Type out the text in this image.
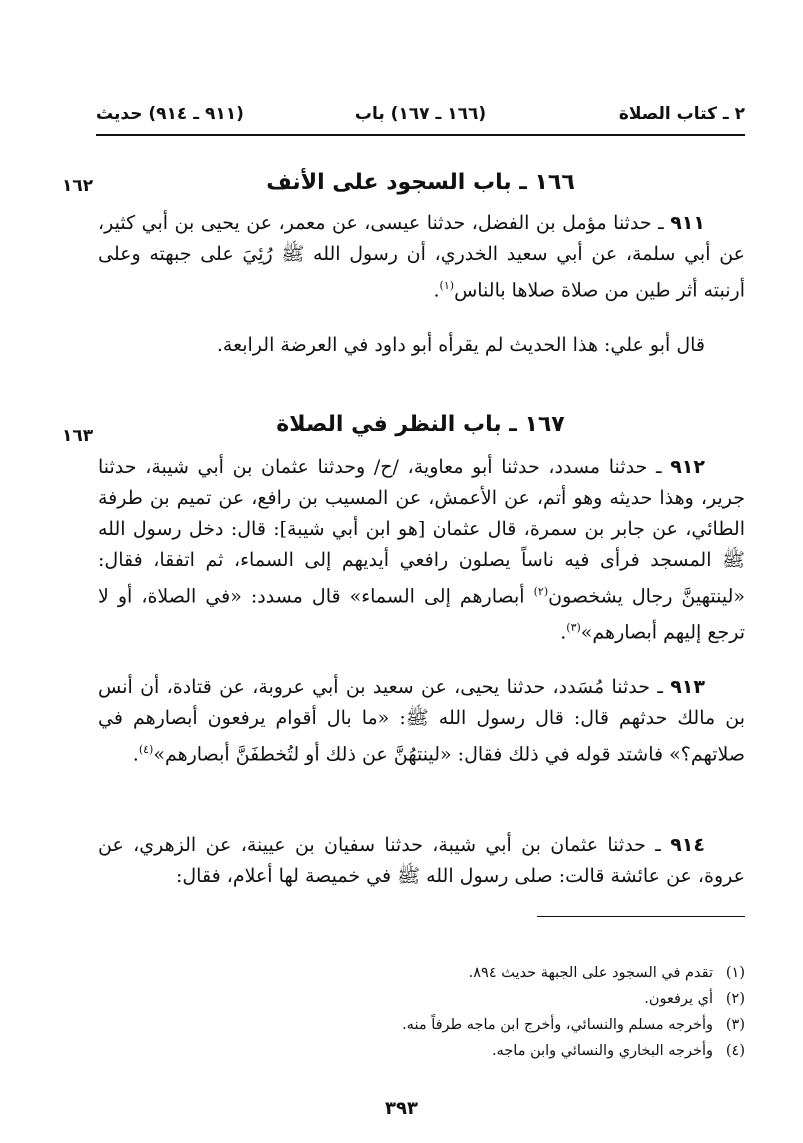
٢ ـ كتاب الصلاة
(١٦٦ ـ ١٦٧) باب
(٩١١ ـ ٩١٤) حديث
١٦٢	١٦٦ ـ باب السجود على الأنف

٩١١ ـ حدثنا مؤمل بن الفضل، حدثنا عيسى، عن معمر، عن يحيى بن أبي كثير، عن أبي سلمة، عن أبي سعيد الخدري، أن رسول الله ﷺ رُئِيَ على جبهته وعلى أرنبته أثر طين من صلاة صلاها بالناس$^{(١)}$.

قال أبو علي: هذا الحديث لم يقرأه أبو داود في العرضة الرابعة.

١٦٣	١٦٧ ـ باب النظر في الصلاة

٩١٢ ـ حدثنا مسدد، حدثنا أبو معاوية، /ح/ وحدثنا عثمان بن أبي شيبة، حدثنا جرير، وهذا حديثه وهو أتم، عن الأعمش، عن المسيب بن رافع، عن تميم بن طرفة الطائي، عن جابر بن سمرة، قال عثمان [هو ابن أبي شيبة]: قال: دخل رسول الله ﷺ المسجد فرأى فيه ناساً يصلون رافعي أيديهم إلى السماء، ثم اتفقا، فقال: «لينتهينَّ رجال يشخصون$^{(٢)}$ أبصارهم إلى السماء» قال مسدد: «في الصلاة، أو لا ترجع إليهم أبصارهم»$^{(٣)}$.

٩١٣ ـ حدثنا مُسَدد، حدثنا يحيى، عن سعيد بن أبي عروبة، عن قتادة، أن أنس بن مالك حدثهم قال: قال رسول الله ﷺ: «ما بال أقوام يرفعون أبصارهم في صلاتهم؟» فاشتد قوله في ذلك فقال: «لينتهُنَّ عن ذلك أو لتُخطفَنَّ أبصارهم»$^{(٤)}$.

٩١٤ ـ حدثنا عثمان بن أبي شيبة، حدثنا سفيان بن عيينة، عن الزهري، عن عروة، عن عائشة قالت: صلى رسول الله ﷺ في خميصة لها أعلام، فقال:

(١)تقدم في السجود على الجبهة حديث ٨٩٤.
(٢)أي يرفعون.
(٣)وأخرجه مسلم والنسائي، وأخرج ابن ماجه طرفاً منه.
(٤)وأخرجه البخاري والنسائي وابن ماجه.
٣٩٣
